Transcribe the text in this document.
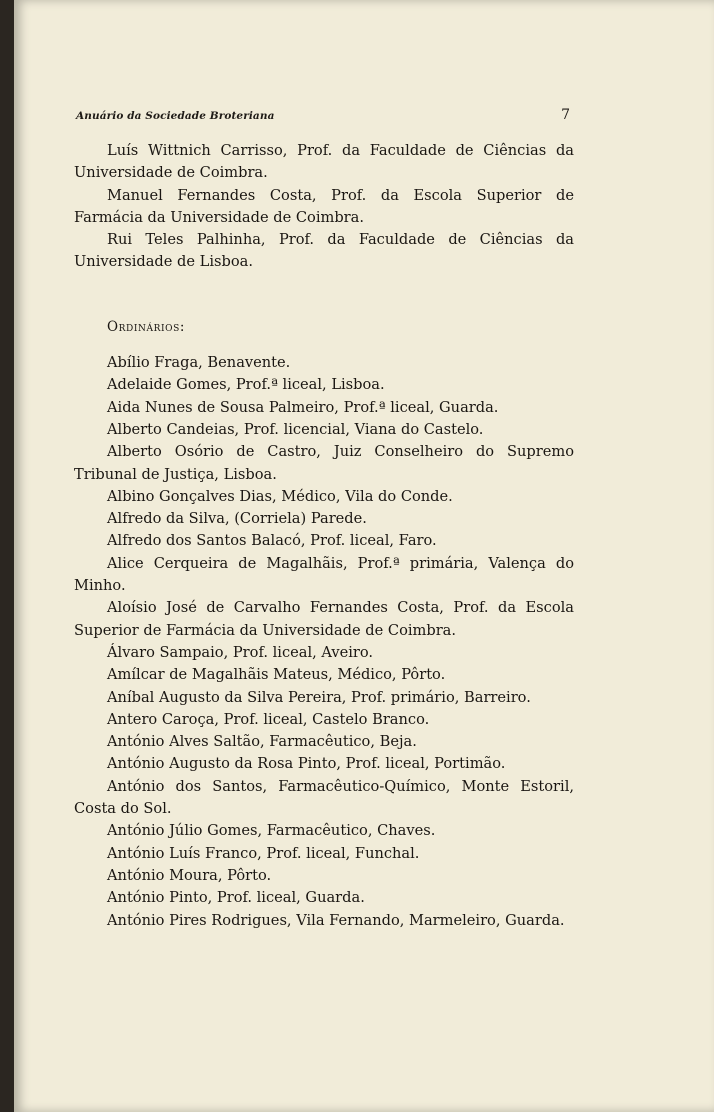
Anuário da Sociedade Broteriana	7

Luís Wittnich Carrisso, Prof. da Faculdade de Ciências da Universidade de Coimbra.

Manuel Fernandes Costa, Prof. da Escola Superior de Farmácia da Universidade de Coimbra.

Rui Teles Palhinha, Prof. da Faculdade de Ciências da Universidade de Lisboa.

Ordinários:

Abílio Fraga, Benavente.

Adelaide Gomes, Prof.ª liceal, Lisboa.

Aida Nunes de Sousa Palmeiro, Prof.ª liceal, Guarda.

Alberto Candeias, Prof. licencial, Viana do Castelo.

Alberto Osório de Castro, Juiz Conselheiro do Supremo Tribunal de Justiça, Lisboa.

Albino Gonçalves Dias, Médico, Vila do Conde.

Alfredo da Silva, (Corriela) Parede.

Alfredo dos Santos Balacó, Prof. liceal, Faro.

Alice Cerqueira de Magalhãis, Prof.ª primária, Valença do Minho.

Aloísio José de Carvalho Fernandes Costa, Prof. da Escola Superior de Farmácia da Universidade de Coimbra.

Álvaro Sampaio, Prof. liceal, Aveiro.

Amílcar de Magalhãis Mateus, Médico, Pôrto.

Aníbal Augusto da Silva Pereira, Prof. primário, Barreiro.

Antero Caroça, Prof. liceal, Castelo Branco.

António Alves Saltão, Farmacêutico, Beja.

António Augusto da Rosa Pinto, Prof. liceal, Portimão.

António dos Santos, Farmacêutico-Químico, Monte Estoril, Costa do Sol.

António Júlio Gomes, Farmacêutico, Chaves.

António Luís Franco, Prof. liceal, Funchal.

António Moura, Pôrto.

António Pinto, Prof. liceal, Guarda.

António Pires Rodrigues, Vila Fernando, Marmeleiro, Guarda.
